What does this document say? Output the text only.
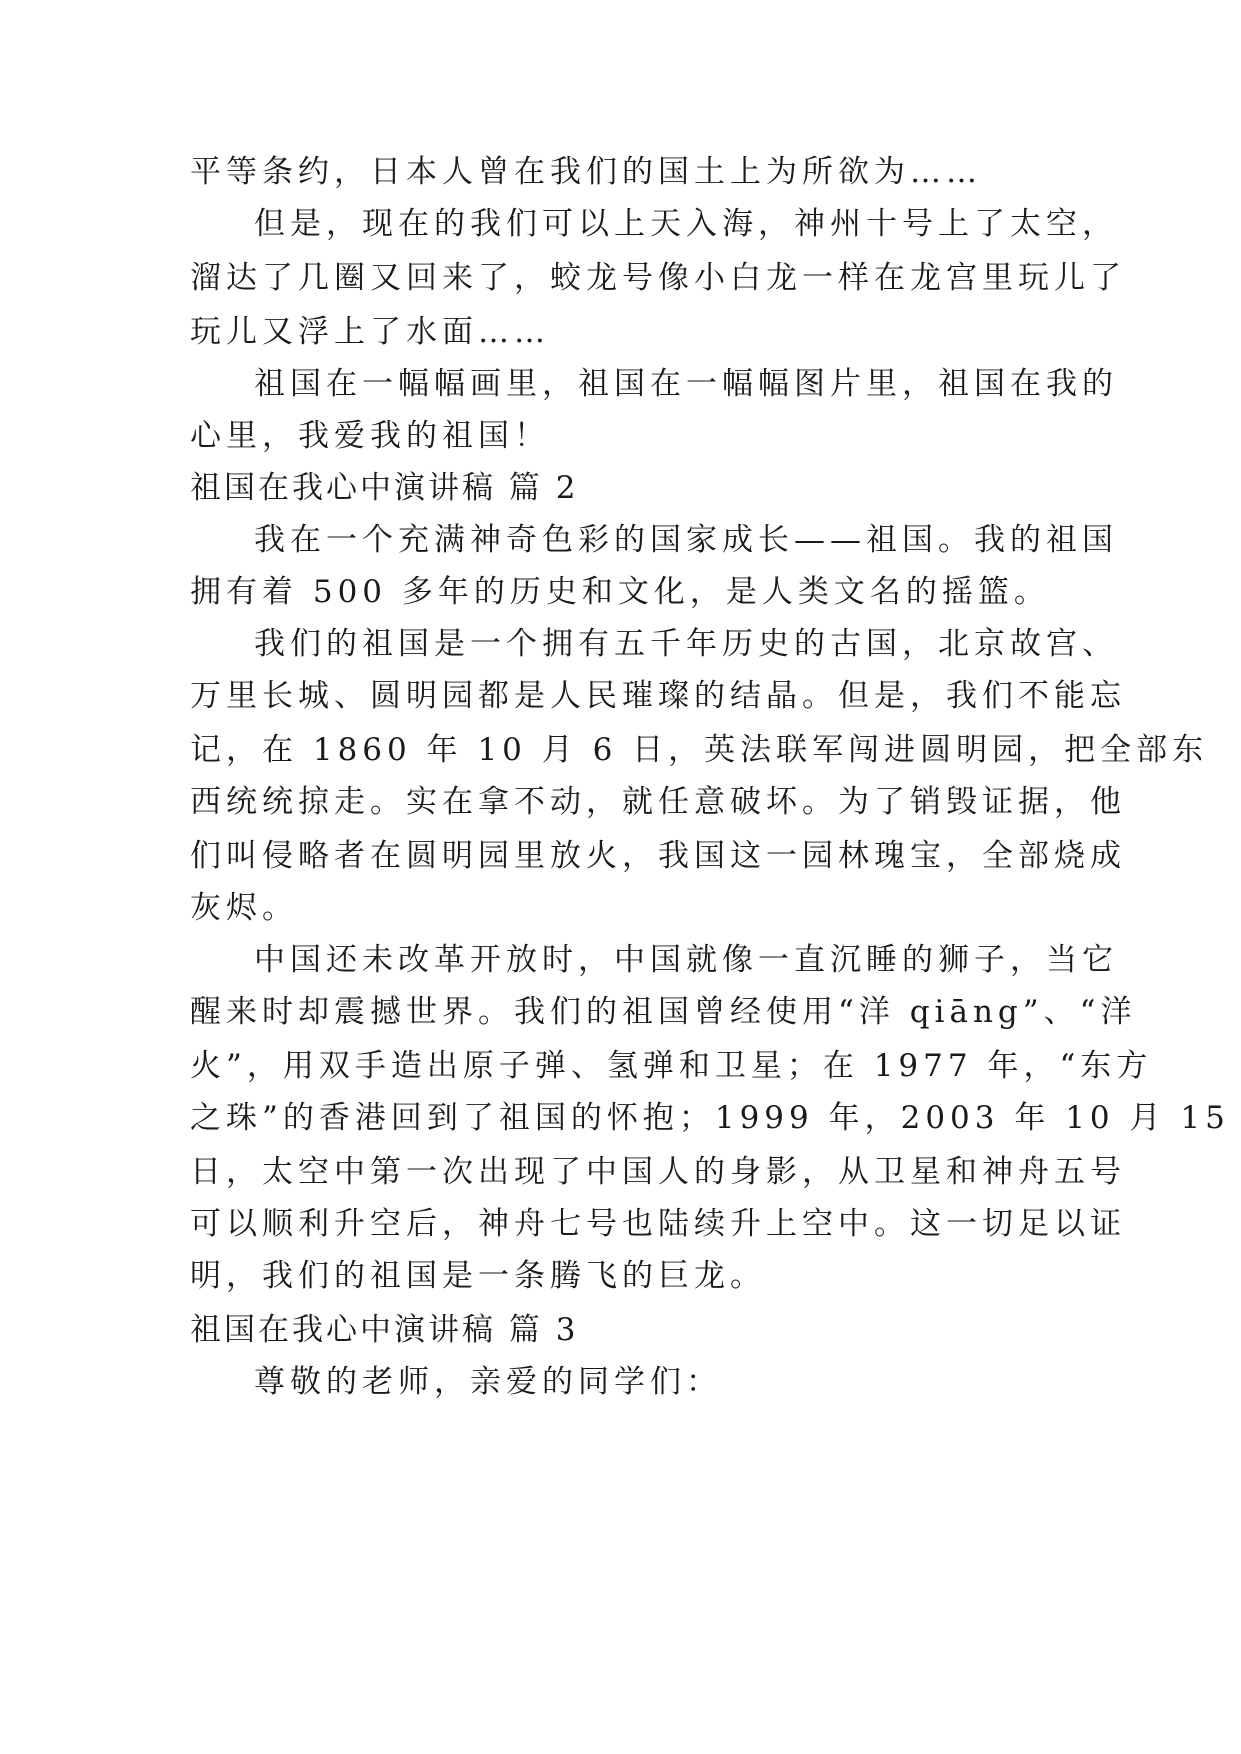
平等条约，日本人曾在我们的国土上为所欲为……
但是，现在的我们可以上天入海，神州十号上了太空，
溜达了几圈又回来了，蛟龙号像小白龙一样在龙宫里玩儿了
玩儿又浮上了水面……
祖国在一幅幅画里，祖国在一幅幅图片里，祖国在我的
心里，我爱我的祖国！
祖国在我心中演讲稿 篇 2
我在一个充满神奇色彩的国家成长——祖国。我的祖国
拥有着 500 多年的历史和文化，是人类文名的摇篮。
我们的祖国是一个拥有五千年历史的古国，北京故宫、
万里长城、圆明园都是人民璀璨的结晶。但是，我们不能忘
记，在 1860 年 10 月 6 日，英法联军闯进圆明园，把全部东
西统统掠走。实在拿不动，就任意破坏。为了销毁证据，他
们叫侵略者在圆明园里放火，我国这一园林瑰宝，全部烧成
灰烬。
中国还未改革开放时，中国就像一直沉睡的狮子，当它
醒来时却震撼世界。我们的祖国曾经使用“洋 qiāng”、“洋
火”，用双手造出原子弹、氢弹和卫星；在 1977 年，“东方
之珠”的香港回到了祖国的怀抱；1999 年，2003 年 10 月 15
日，太空中第一次出现了中国人的身影，从卫星和神舟五号
可以顺利升空后，神舟七号也陆续升上空中。这一切足以证
明，我们的祖国是一条腾飞的巨龙。
祖国在我心中演讲稿 篇 3
尊敬的老师，亲爱的同学们：
